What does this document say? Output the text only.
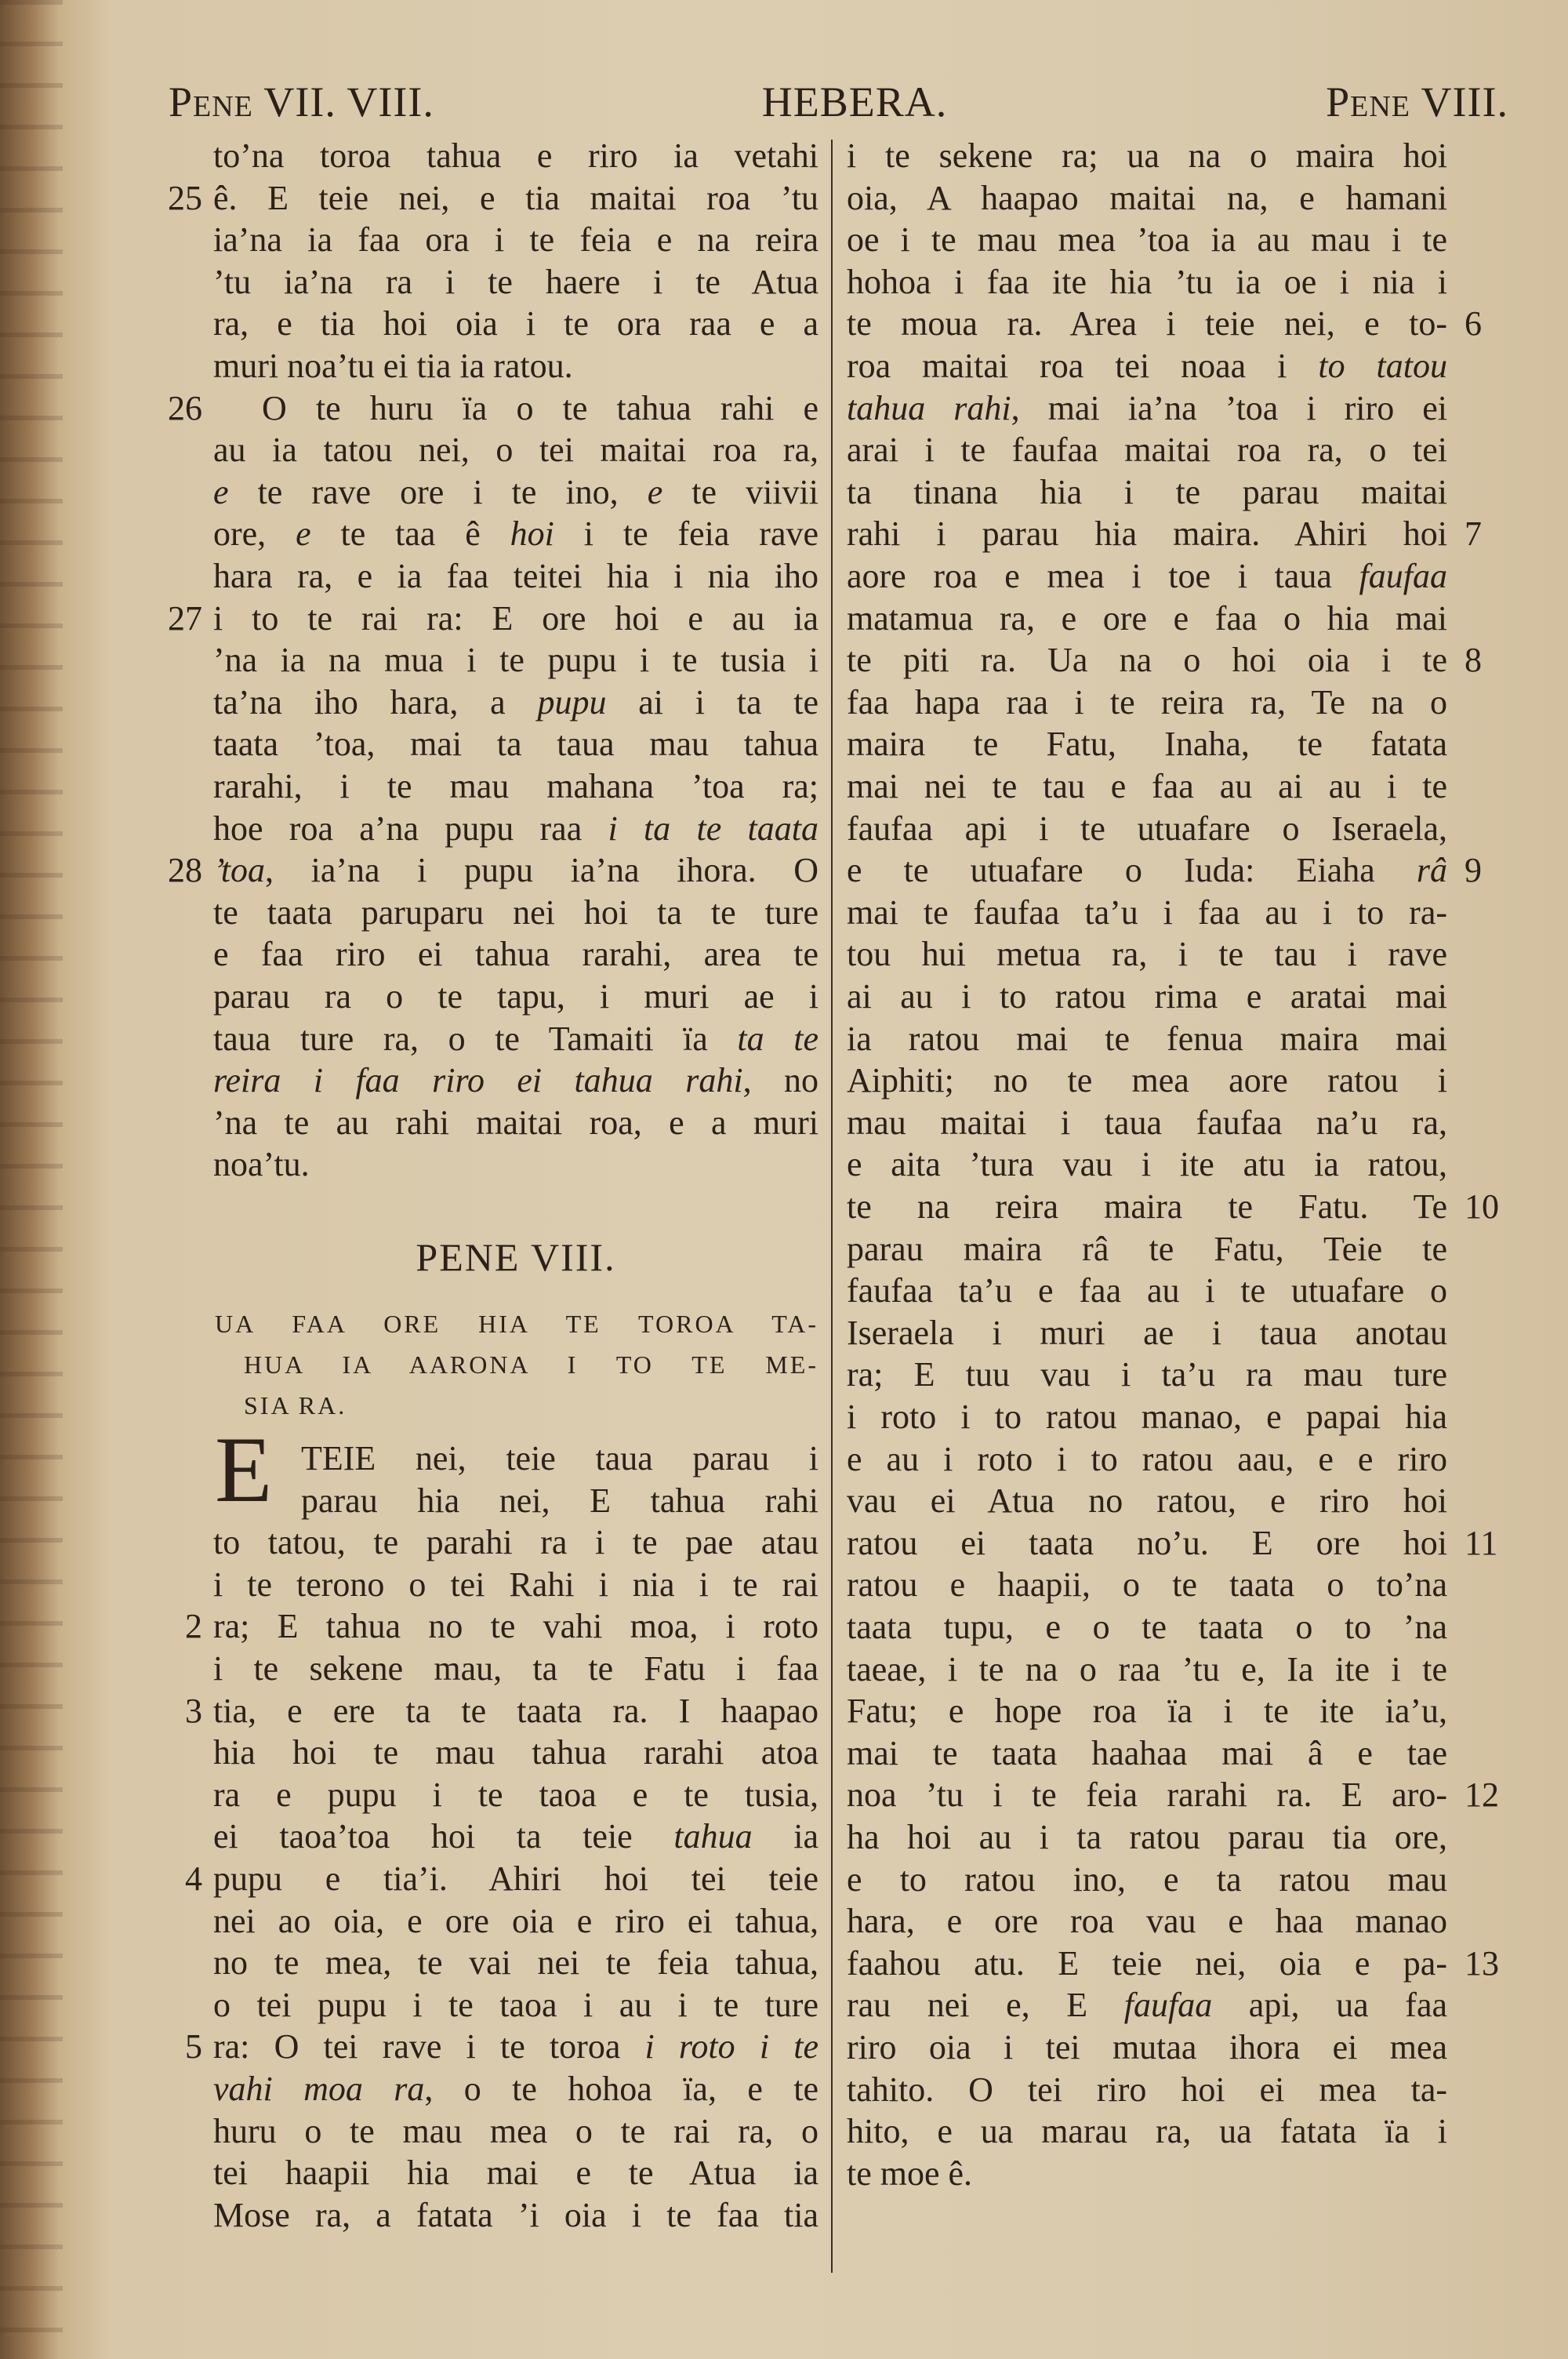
Pene VII. VIII.	HEBERA.	Pene VIII.
to’na toroa tahua e riro ia vetahi
ê. E teie nei, e tia maitai roa ’tu
ia’na ia faa ora i te feia e na reira
’tu ia’na ra i te haere i te Atua
ra, e tia hoi oia i te ora raa e a
muri noa’tu ei tia ia ratou.
O te huru ïa o te tahua rahi e
au ia tatou nei, o tei maitai roa ra,
e te rave ore i te ino, e te viivii
ore, e te taa ê hoi i te feia rave
hara ra, e ia faa teitei hia i nia iho
i to te rai ra: E ore hoi e au ia
’na ia na mua i te pupu i te tusia i
ta’na iho hara, a pupu ai i ta te
taata ’toa, mai ta taua mau tahua
rarahi, i te mau mahana ’toa ra;
hoe roa a’na pupu raa i ta te taata
’toa, ia’na i pupu ia’na ihora. O
te taata paruparu nei hoi ta te ture
e faa riro ei tahua rarahi, area te
parau ra o te tapu, i muri ae i
taua ture ra, o te Tamaiti ïa ta te
reira i faa riro ei tahua rahi, no
’na te au rahi maitai roa, e a muri
noa’tu.
25
26
27
28
TEIE nei, teie taua parau i
parau hia nei, E tahua rahi
to tatou, te parahi ra i te pae atau
i te terono o tei Rahi i nia i te rai
ra; E tahua no te vahi moa, i roto
i te sekene mau, ta te Fatu i faa
tia, e ere ta te taata ra. I haapao
hia hoi te mau tahua rarahi atoa
ra e pupu i te taoa e te tusia,
ei taoa’toa hoi ta teie tahua ia
pupu e tia’i. Ahiri hoi tei teie
nei ao oia, e ore oia e riro ei tahua,
no te mea, te vai nei te feia tahua,
o tei pupu i te taoa i au i te ture
ra: O tei rave i te toroa i roto i te
vahi moa ra, o te hohoa ïa, e te
huru o te mau mea o te rai ra, o
tei haapii hia mai e te Atua ia
Mose ra, a fatata ’i oia i te faa tia
2
3
4
5
PENE VIII.
UA FAA ORE HIA TE TOROA TA-
HUA IA AARONA I TO TE ME-
SIA RA.
E
i te sekene ra; ua na o maira hoi
oia, A haapao maitai na, e hamani
oe i te mau mea ’toa ia au mau i te
hohoa i faa ite hia ’tu ia oe i nia i
te moua ra. Area i teie nei, e to-
roa maitai roa tei noaa i to tatou
tahua rahi, mai ia’na ’toa i riro ei
arai i te faufaa maitai roa ra, o tei
ta tinana hia i te parau maitai
rahi i parau hia maira. Ahiri hoi
aore roa e mea i toe i taua faufaa
matamua ra, e ore e faa o hia mai
te piti ra. Ua na o hoi oia i te
faa hapa raa i te reira ra, Te na o
maira te Fatu, Inaha, te fatata
mai nei te tau e faa au ai au i te
faufaa api i te utuafare o Iseraela,
e te utuafare o Iuda: Eiaha râ
mai te faufaa ta’u i faa au i to ra-
tou hui metua ra, i te tau i rave
ai au i to ratou rima e aratai mai
ia ratou mai te fenua maira mai
Aiphiti; no te mea aore ratou i
mau maitai i taua faufaa na’u ra,
e aita ’tura vau i ite atu ia ratou,
te na reira maira te Fatu. Te
parau maira râ te Fatu, Teie te
faufaa ta’u e faa au i te utuafare o
Iseraela i muri ae i taua anotau
ra; E tuu vau i ta’u ra mau ture
i roto i to ratou manao, e papai hia
e au i roto i to ratou aau, e e riro
vau ei Atua no ratou, e riro hoi
ratou ei taata no’u. E ore hoi
ratou e haapii, o te taata o to’na
taata tupu, e o te taata o to ’na
taeae, i te na o raa ’tu e, Ia ite i te
Fatu; e hope roa ïa i te ite ia’u,
mai te taata haahaa mai â e tae
noa ’tu i te feia rarahi ra. E aro-
ha hoi au i ta ratou parau tia ore,
e to ratou ino, e ta ratou mau
hara, e ore roa vau e haa manao
faahou atu. E teie nei, oia e pa-
rau nei e, E faufaa api, ua faa
riro oia i tei mutaa ihora ei mea
tahito. O tei riro hoi ei mea ta-
hito, e ua marau ra, ua fatata ïa i
te moe ê.
6
7
8
9
10
11
12
13
